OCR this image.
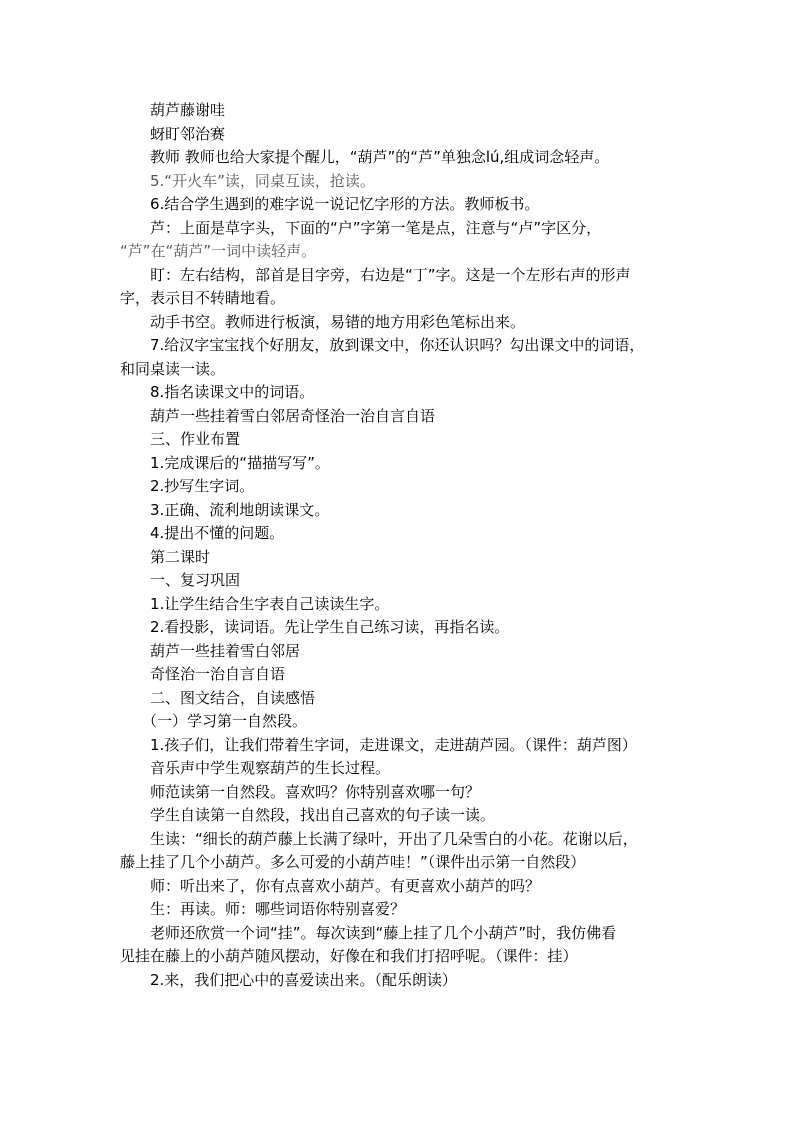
葫芦藤谢哇

蚜盯邻治赛

教师 教师也给大家提个醒儿，“葫芦”的“芦”单独念lú,组成词念轻声。

5.“开火车”读，同桌互读，抢读。

6.结合学生遇到的难字说一说记忆字形的方法。教师板书。

芦：上面是草字头，下面的“户”字第一笔是点，注意与“卢”字区分，

“芦”在“葫芦”一词中读轻声。

盯：左右结构，部首是目字旁，右边是“丁”字。这是一个左形右声的形声

字，表示目不转睛地看。

动手书空。教师进行板演，易错的地方用彩色笔标出来。

7.给汉字宝宝找个好朋友，放到课文中，你还认识吗？勾出课文中的词语，

和同桌读一读。

8.指名读课文中的词语。

葫芦一些挂着雪白邻居奇怪治一治自言自语

三、作业布置

1.完成课后的“描描写写”。

2.抄写生字词。

3.正确、流利地朗读课文。

4.提出不懂的问题。

第二课时

一、复习巩固

1.让学生结合生字表自己读读生字。

2.看投影，读词语。先让学生自己练习读，再指名读。

葫芦一些挂着雪白邻居

奇怪治一治自言自语

二、图文结合，自读感悟

（一）学习第一自然段。

1.孩子们，让我们带着生字词，走进课文，走进葫芦园。（课件：葫芦图）

音乐声中学生观察葫芦的生长过程。

师范读第一自然段。喜欢吗？你特别喜欢哪一句？

学生自读第一自然段，找出自己喜欢的句子读一读。

生读：“细长的葫芦藤上长满了绿叶，开出了几朵雪白的小花。花谢以后，

藤上挂了几个小葫芦。多么可爱的小葫芦哇！”（课件出示第一自然段）

师：听出来了，你有点喜欢小葫芦。有更喜欢小葫芦的吗？

生：再读。师：哪些词语你特别喜爱？

老师还欣赏一个词“挂”。每次读到“藤上挂了几个小葫芦”时，我仿佛看

见挂在藤上的小葫芦随风摆动，好像在和我们打招呼呢。（课件：挂）

2.来，我们把心中的喜爱读出来。（配乐朗读）
